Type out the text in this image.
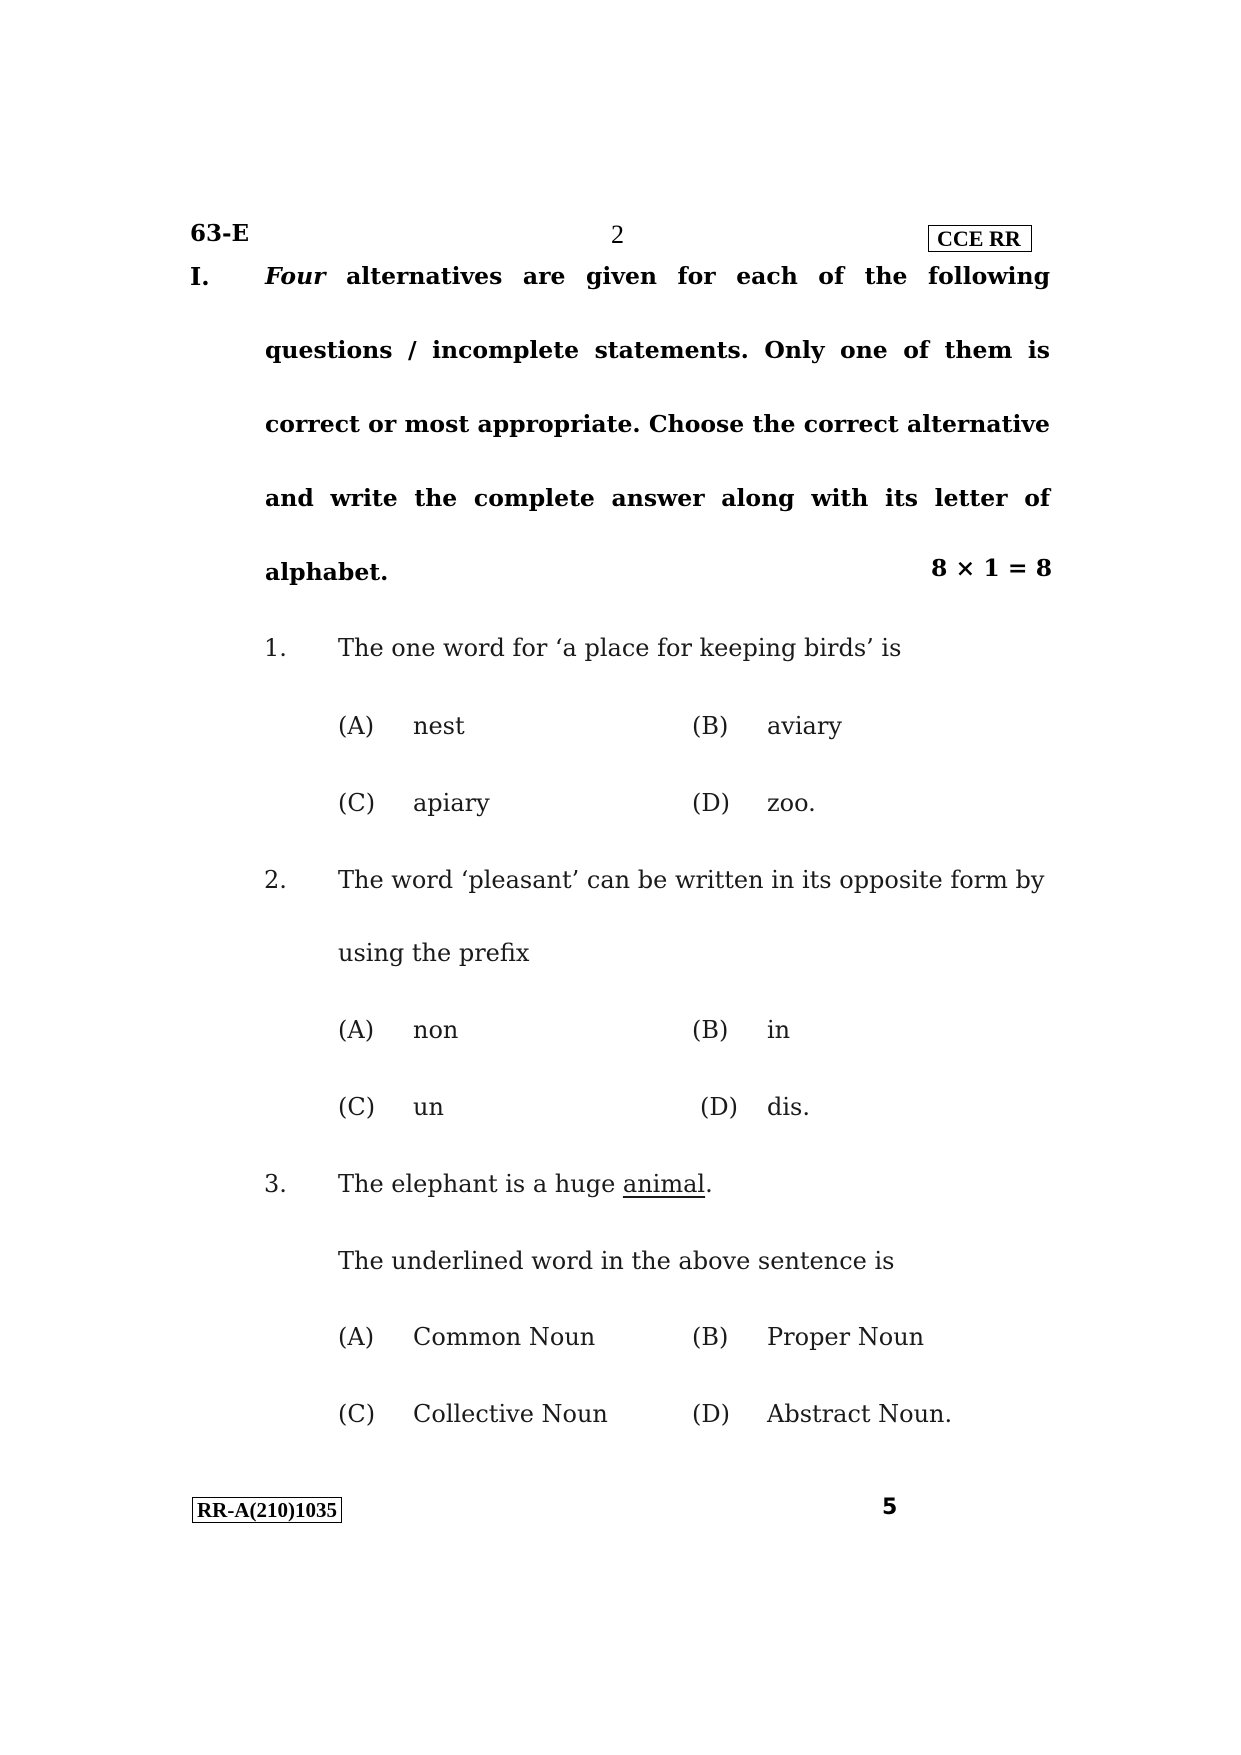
63-E	2	CCE RR
I. Four alternatives are given for each of the following
questions / incomplete statements. Only one of them is
correct or most appropriate. Choose the correct alternative
and write the complete answer along with its letter of
alphabet.	8 × 1 = 8
1. The one word for ‘a place for keeping birds’ is
(A) nest	(B) aviary
(C) apiary	(D) zoo.
2. The word ‘pleasant’ can be written in its opposite form by
using the prefix
(A) non	(B) in
(C) un	(D) dis.
3. The elephant is a huge animal.
The underlined word in the above sentence is
(A) Common Noun	(B) Proper Noun
(C) Collective Noun	(D) Abstract Noun.
RR-A(210)1035	5
